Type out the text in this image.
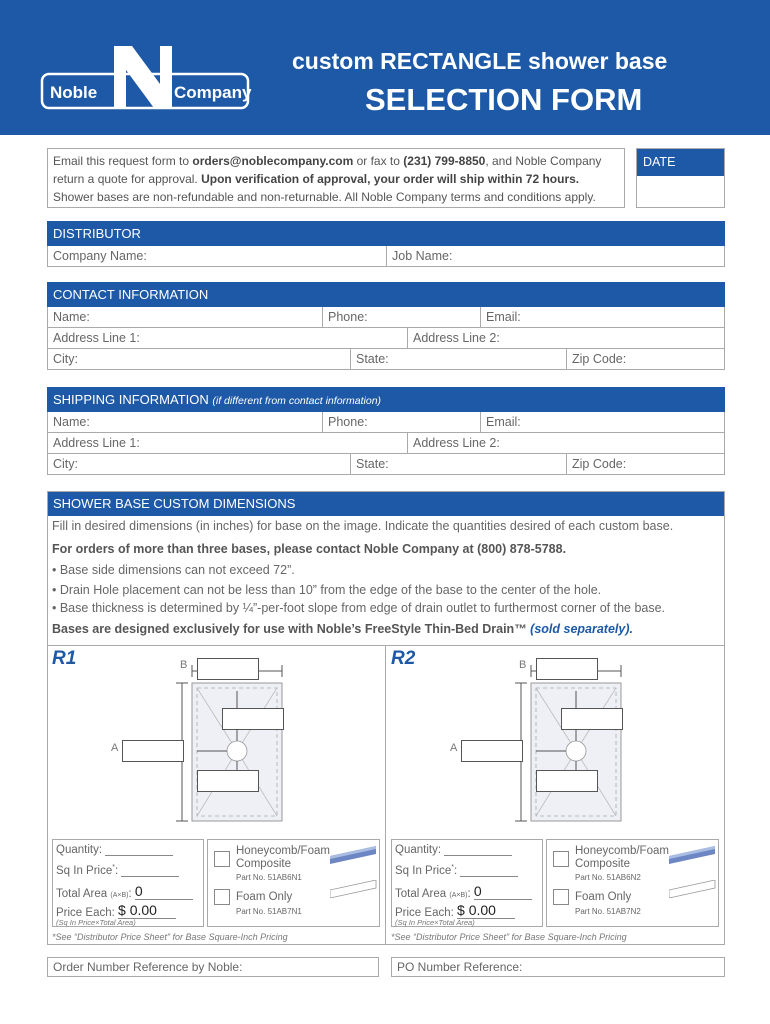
Noble	Company
custom RECTANGLE shower base
SELECTION FORM
Email this request form to orders@noblecompany.com or fax to (231) 799-8850, and Noble Company
return a quote for approval. Upon verification of approval, your order will ship within 72 hours.
Shower bases are non-refundable and non-returnable. All Noble Company terms and conditions apply.
DATE
DISTRIBUTOR
Company Name:	Job Name:
CONTACT INFORMATION
Name:	Phone:	Email:
Address Line 1:	Address Line 2:
City:	State:	Zip Code:
SHIPPING INFORMATION (if different from contact information)
Name:	Phone:	Email:
Address Line 1:	Address Line 2:
City:	State:	Zip Code:
SHOWER BASE CUSTOM DIMENSIONS
Fill in desired dimensions (in inches) for base on the image. Indicate the quantities desired of each custom base.
For orders of more than three bases, please contact Noble Company at (800) 878-5788.
• Base side dimensions can not exceed 72”.
• Drain Hole placement can not be less than 10” from the edge of the base to the center of the hole.
• Base thickness is determined by ¼”-per-foot slope from edge of drain outlet to furthermost corner of the base.
Bases are designed exclusively for use with Noble’s FreeStyle Thin-Bed Drain™ (sold separately).
R1	B
A
Quantity:
Sq In Price*:
Total Area (A×B): 0
Price Each: $ 0.00
(Sq In Price×Total Area)
Honeycomb/Foam Composite
Part No. 51AB6N1
Foam Only
Part No. 51AB7N1
*See “Distributor Price Sheet” for Base Square-Inch Pricing
R2	B
A
Quantity:
Sq In Price*:
Total Area (A×B): 0
Price Each: $ 0.00
(Sq In Price×Total Area)
Honeycomb/Foam Composite
Part No. 51AB6N2
Foam Only
Part No. 51AB7N2
*See “Distributor Price Sheet” for Base Square-Inch Pricing
Order Number Reference by Noble:	PO Number Reference:
